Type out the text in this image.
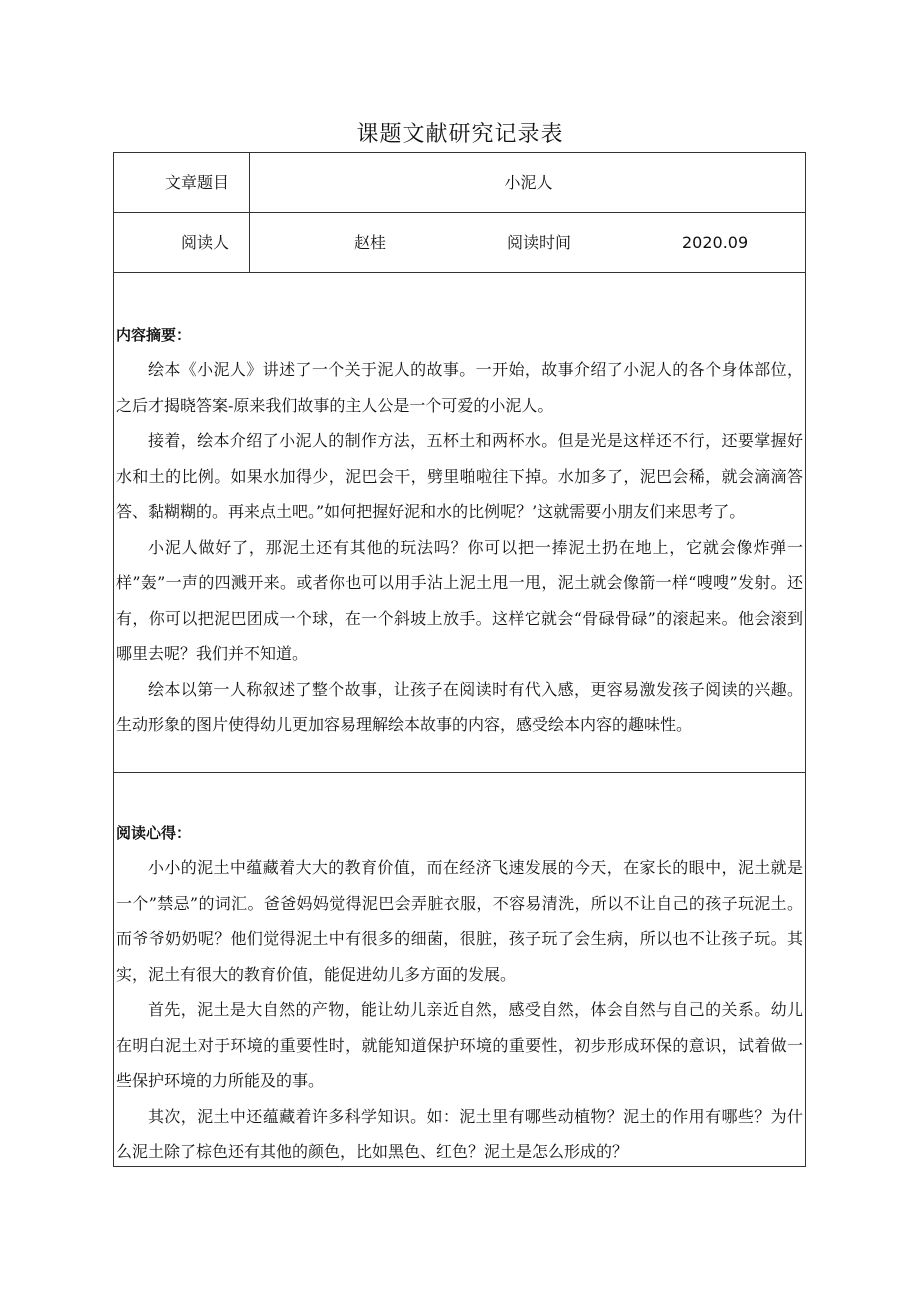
课题文献研究记录表
文章题目	小泥人
阅读人	赵桂	阅读时间	2020.09
内容摘要：

绘本《小泥人》讲述了一个关于泥人的故事。一开始，故事介绍了小泥人的各个身体部位，之后才揭晓答案-原来我们故事的主人公是一个可爱的小泥人。

接着，绘本介绍了小泥人的制作方法，五杯土和两杯水。但是光是这样还不行，还要掌握好水和土的比例。如果水加得少，泥巴会干，劈里啪啦往下掉。水加多了，泥巴会稀，就会滴滴答答、黏糊糊的。再来点土吧。”如何把握好泥和水的比例呢？’这就需要小朋友们来思考了。

小泥人做好了，那泥土还有其他的玩法吗？你可以把一捧泥土扔在地上，它就会像炸弹一样”轰”一声的四溅开来。或者你也可以用手沾上泥土甩一甩，泥土就会像箭一样“嗖嗖”发射。还有，你可以把泥巴团成一个球，在一个斜坡上放手。这样它就会“骨碌骨碌”的滚起来。他会滚到哪里去呢？我们并不知道。

绘本以第一人称叙述了整个故事，让孩子在阅读时有代入感，更容易激发孩子阅读的兴趣。生动形象的图片使得幼儿更加容易理解绘本故事的内容，感受绘本内容的趣味性。

阅读心得：

小小的泥土中蕴藏着大大的教育价值，而在经济飞速发展的今天，在家长的眼中，泥土就是一个”禁忌”的词汇。爸爸妈妈觉得泥巴会弄脏衣服，不容易清洗，所以不让自己的孩子玩泥土。而爷爷奶奶呢？他们觉得泥土中有很多的细菌，很脏，孩子玩了会生病，所以也不让孩子玩。其实，泥土有很大的教育价值，能促进幼儿多方面的发展。

首先，泥土是大自然的产物，能让幼儿亲近自然，感受自然，体会自然与自己的关系。幼儿在明白泥土对于环境的重要性时，就能知道保护环境的重要性，初步形成环保的意识，试着做一些保护环境的力所能及的事。

其次，泥土中还蕴藏着许多科学知识。如：泥土里有哪些动植物？泥土的作用有哪些？为什么泥土除了棕色还有其他的颜色，比如黑色、红色？泥土是怎么形成的？
